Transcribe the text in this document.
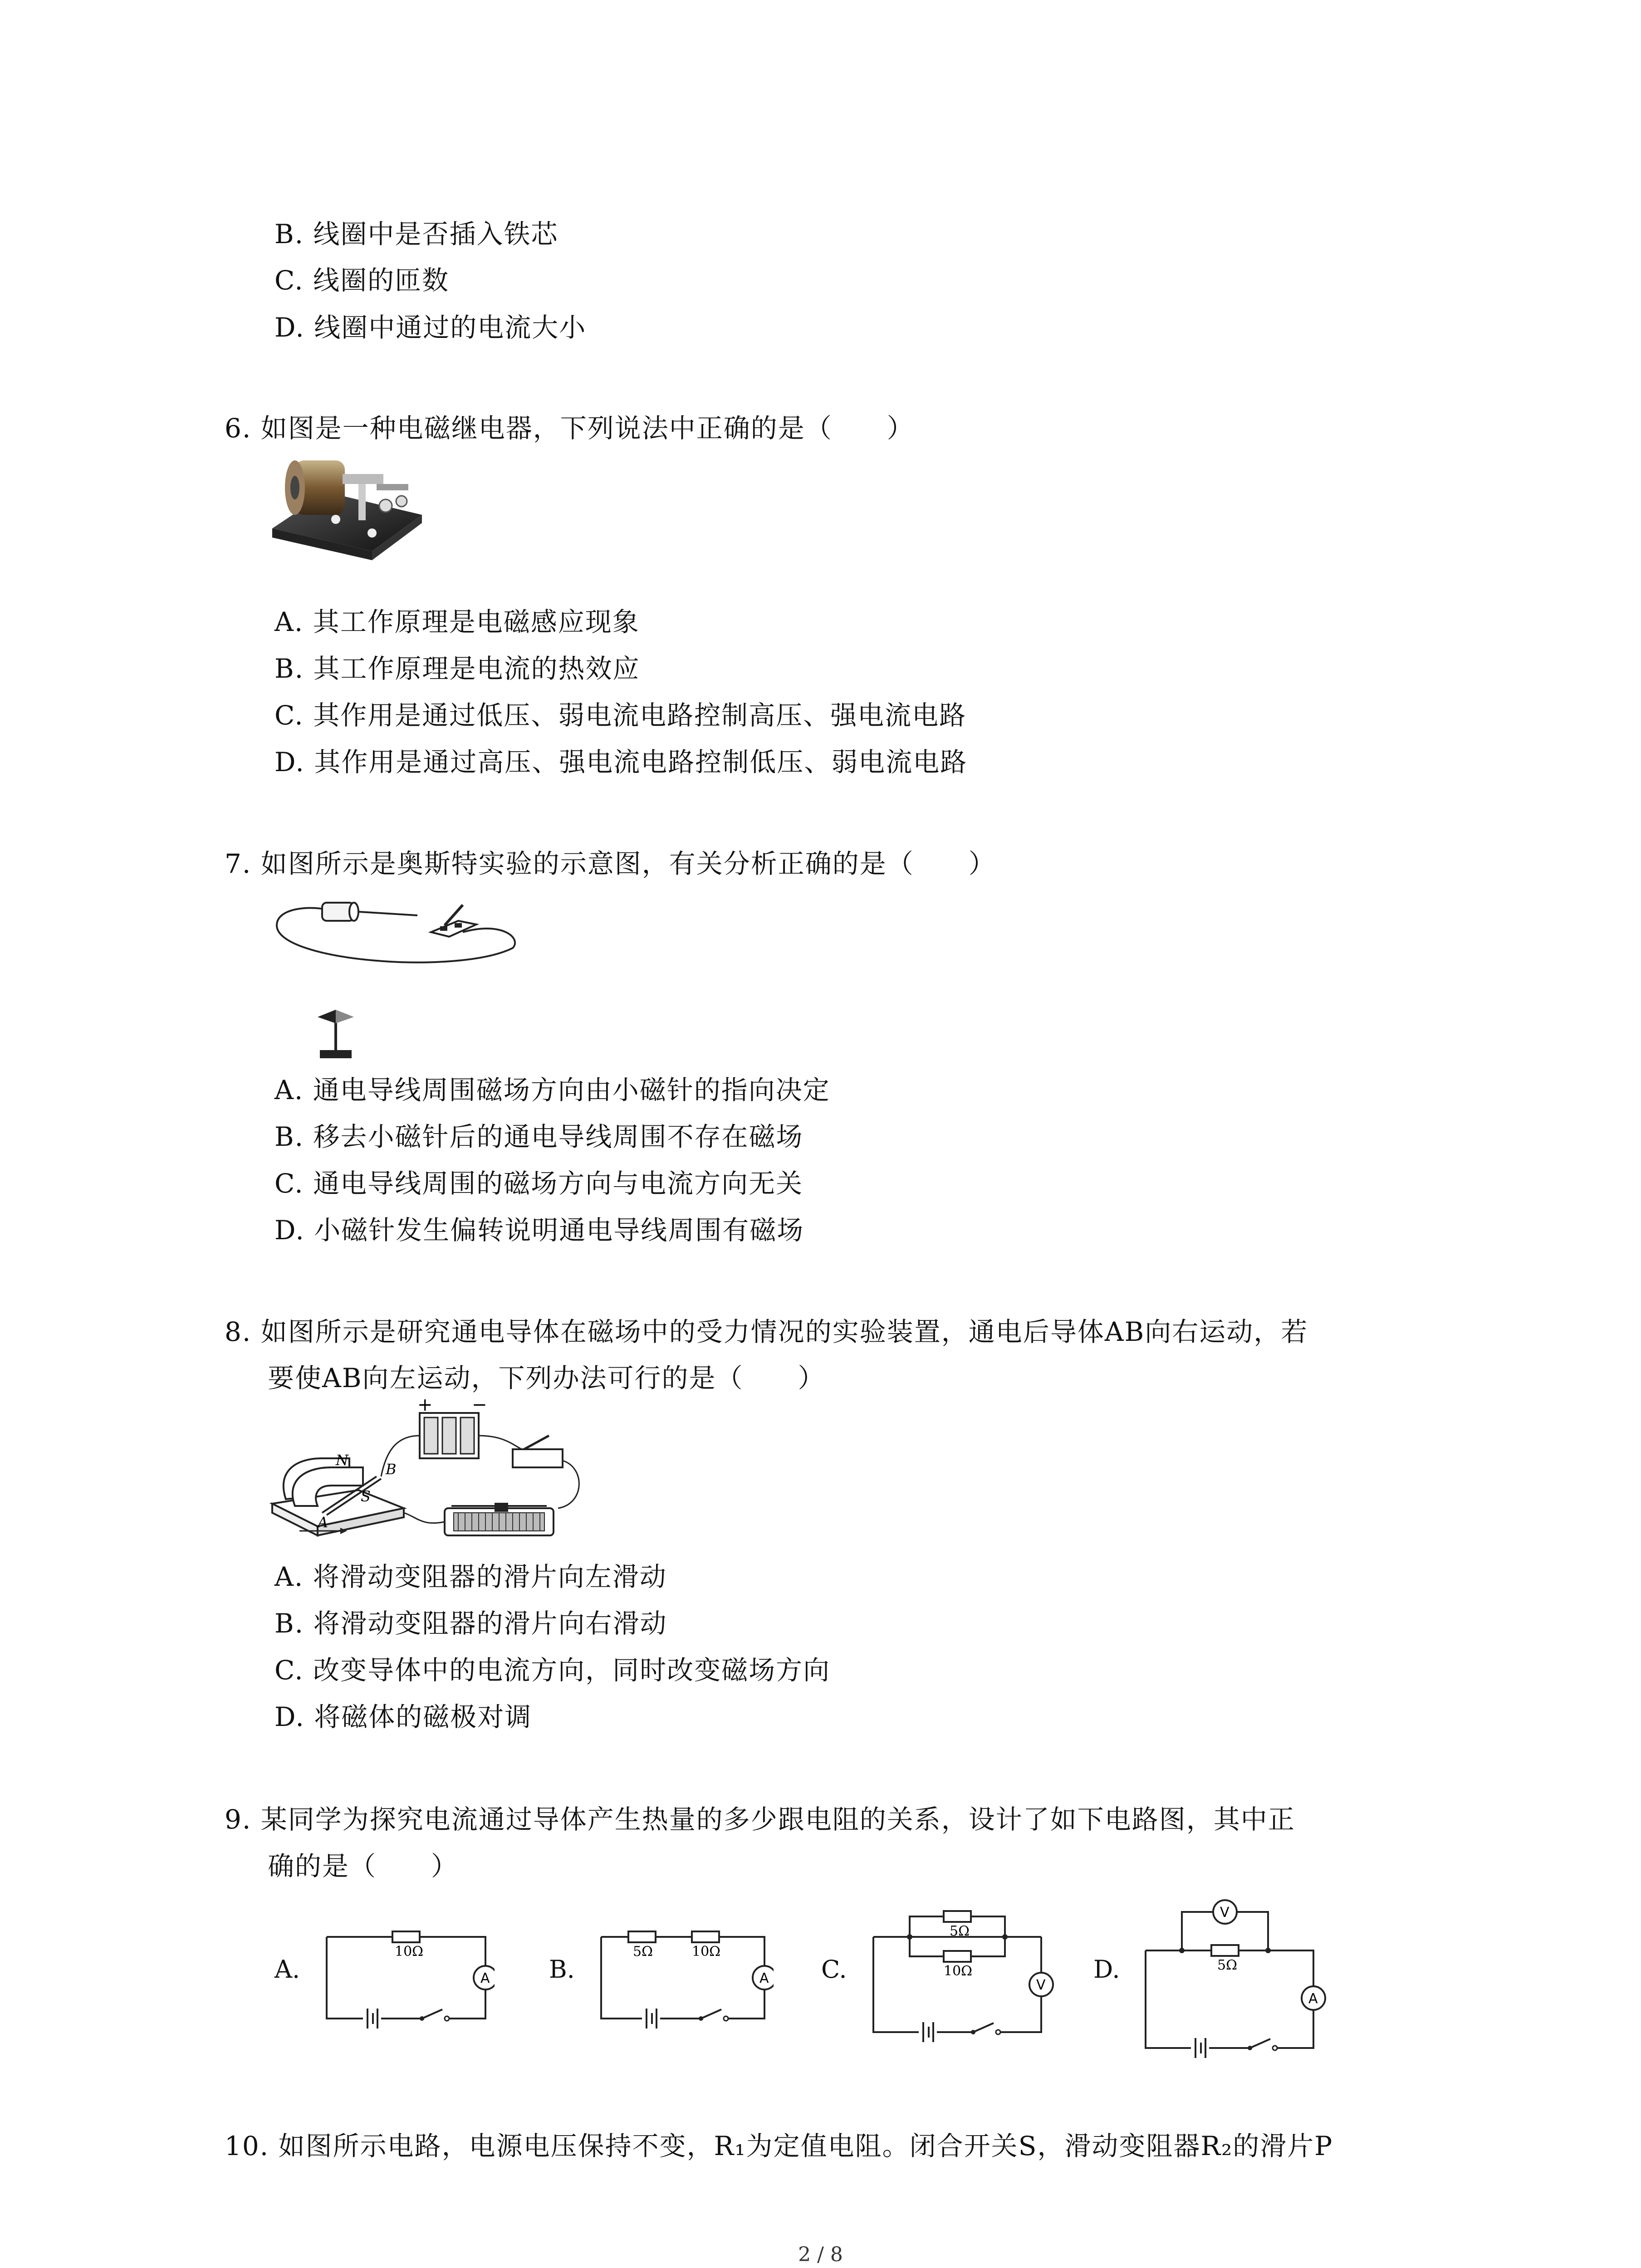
B. 线圈中是否插入铁芯
C. 线圈的匝数
D. 线圈中通过的电流大小
6. 如图是一种电磁继电器，下列说法中正确的是（　　）
A. 其工作原理是电磁感应现象
B. 其工作原理是电流的热效应
C. 其作用是通过低压、弱电流电路控制高压、强电流电路
D. 其作用是通过高压、强电流电路控制低压、弱电流电路
7. 如图所示是奥斯特实验的示意图，有关分析正确的是（　　）
A. 通电导线周围磁场方向由小磁针的指向决定
B. 移去小磁针后的通电导线周围不存在磁场
C. 通电导线周围的磁场方向与电流方向无关
D. 小磁针发生偏转说明通电导线周围有磁场
8. 如图所示是研究通电导体在磁场中的受力情况的实验装置，通电后导体AB向右运动，若
要使AB向左运动，下列办法可行的是（　　）
+ −
N
S
B
A
A. 将滑动变阻器的滑片向左滑动
B. 将滑动变阻器的滑片向右滑动
C. 改变导体中的电流方向，同时改变磁场方向
D. 将磁体的磁极对调
9. 某同学为探究电流通过导体产生热量的多少跟电阻的关系，设计了如下电路图，其中正
确的是（　　）
A.
10Ω
A B.
5Ω	10Ω
A C.
5Ω
10Ω
V
D.
V
5Ω
A
10. 如图所示电路，电源电压保持不变，R₁为定值电阻。闭合开关S，滑动变阻器R₂的滑片P
2 / 8
